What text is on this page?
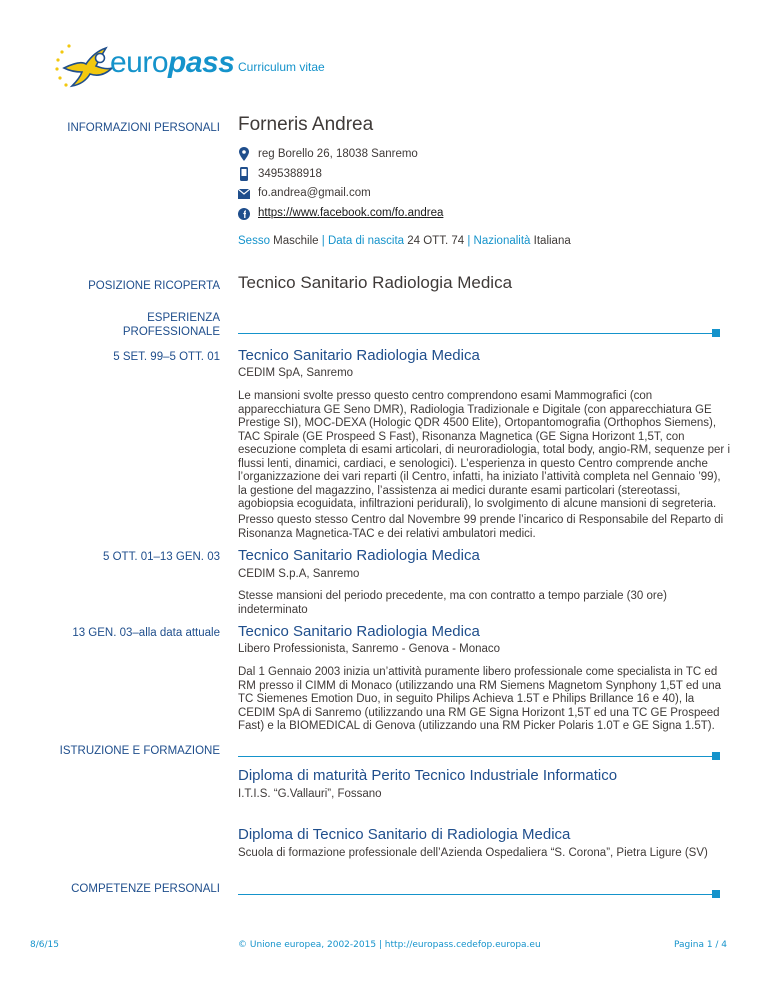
europass Curriculum vitae
INFORMAZIONI PERSONALI Forneris Andrea
reg Borello 26, 18038 Sanremo
3495388918
fo.andrea@gmail.com
https://www.facebook.com/fo.andrea
Sesso Maschile | Data di nascita 24 OTT. 74 | Nazionalità Italiana
POSIZIONE RICOPERTA Tecnico Sanitario Radiologia Medica
ESPERIENZA
PROFESSIONALE
5 SET. 99–5 OTT. 01 Tecnico Sanitario Radiologia Medica
CEDIM SpA, Sanremo
Le mansioni svolte presso questo centro comprendono esami Mammografici (con apparecchiatura GE Seno DMR), Radiologia Tradizionale e Digitale (con apparecchiatura GE Prestige SI), MOC-DEXA (Hologic QDR 4500 Elite), Ortopantomografia (Orthophos Siemens), TAC Spirale (GE Prospeed S Fast), Risonanza Magnetica (GE Signa Horizont 1,5T, con esecuzione completa di esami articolari, di neuroradiologia, total body, angio-RM, sequenze per i flussi lenti, dinamici, cardiaci, e senologici). L’esperienza in questo Centro comprende anche l’organizzazione dei vari reparti (il Centro, infatti, ha iniziato l’attività completa nel Gennaio ’99), la gestione del magazzino, l’assistenza ai medici durante esami particolari (stereotassi, agobiopsia ecoguidata, infiltrazioni peridurali), lo svolgimento di alcune mansioni di segreteria.
Presso questo stesso Centro dal Novembre 99 prende l’incarico di Responsabile del Reparto di Risonanza Magnetica-TAC e dei relativi ambulatori medici.
5 OTT. 01–13 GEN. 03 Tecnico Sanitario Radiologia Medica
CEDIM S.p.A, Sanremo
Stesse mansioni del periodo precedente, ma con contratto a tempo parziale (30 ore) indeterminato
13 GEN. 03–alla data attuale Tecnico Sanitario Radiologia Medica
Libero Professionista, Sanremo - Genova - Monaco
Dal 1 Gennaio 2003 inizia un’attività puramente libero professionale come specialista in TC ed RM presso il CIMM di Monaco (utilizzando una RM Siemens Magnetom Synphony 1,5T ed una TC Siemenes Emotion Duo, in seguito Philips Achieva 1.5T e Philips Brillance 16 e 40), la CEDIM SpA di Sanremo (utilizzando una RM GE Signa Horizont 1,5T ed una TC GE Prospeed Fast) e la BIOMEDICAL di Genova (utilizzando una RM Picker Polaris 1.0T e GE Signa 1.5T).
ISTRUZIONE E FORMAZIONE
Diploma di maturità Perito Tecnico Industriale Informatico
I.T.I.S. “G.Vallauri”, Fossano
Diploma di Tecnico Sanitario di Radiologia Medica
Scuola di formazione professionale dell’Azienda Ospedaliera “S. Corona”, Pietra Ligure (SV)
COMPETENZE PERSONALI
8/6/15	© Unione europea, 2002-2015 | http://europass.cedefop.europa.eu	Pagina 1 / 4
